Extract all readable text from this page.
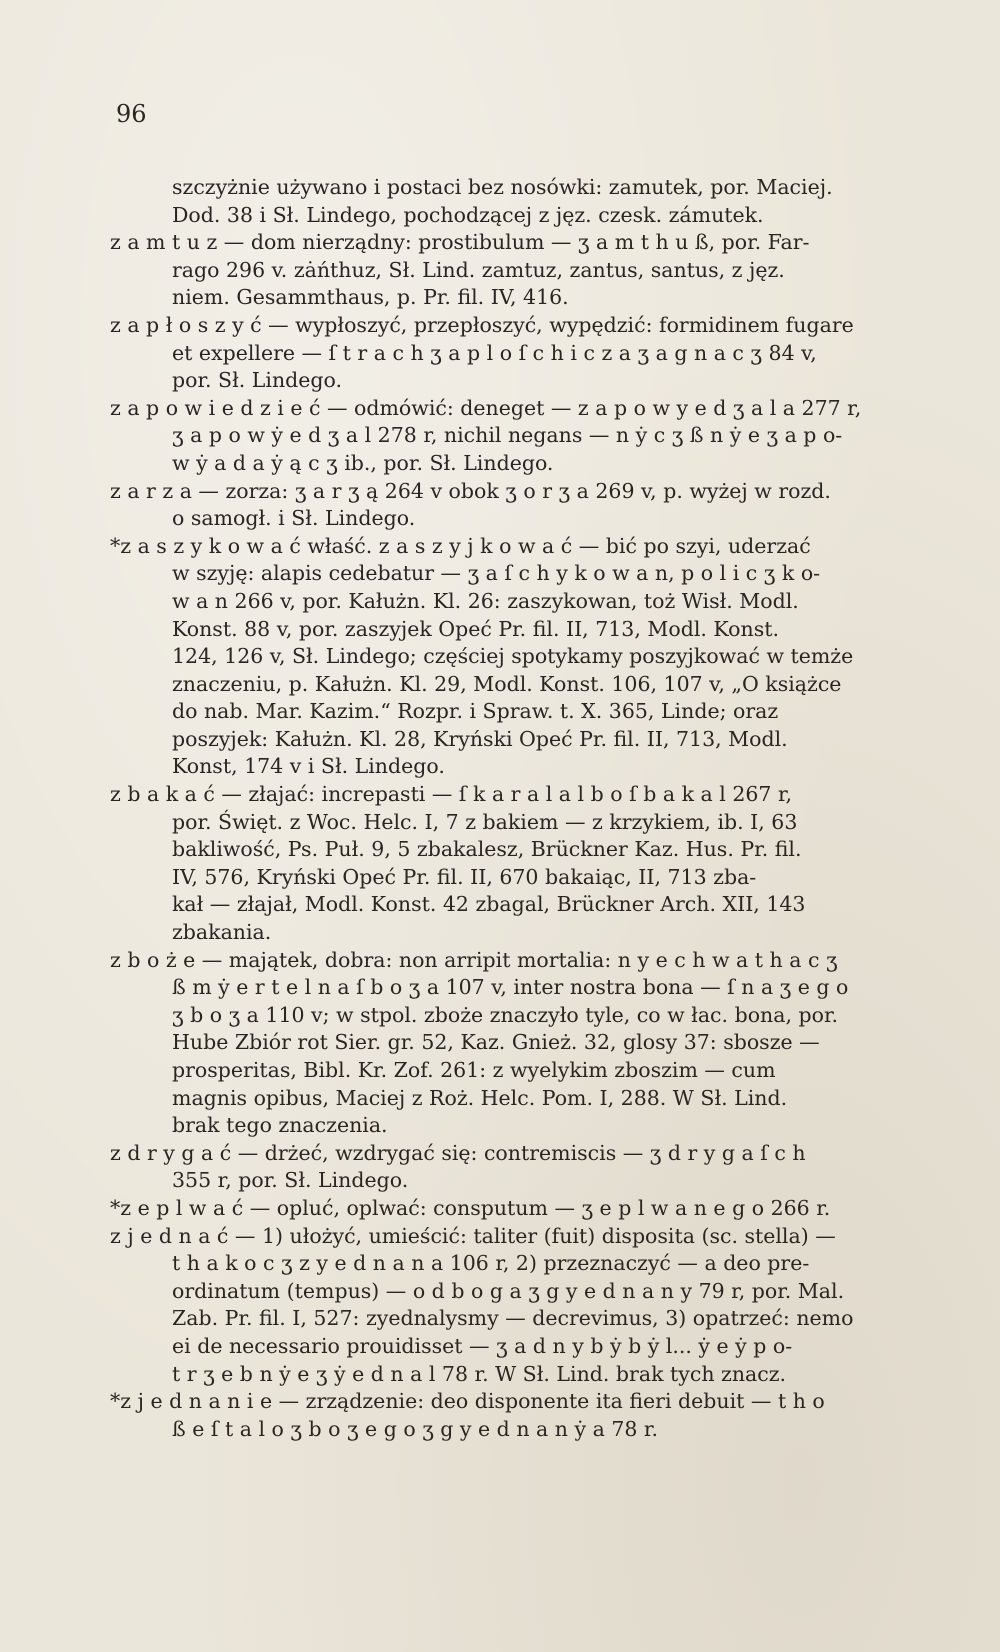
96
szczyżnie używano i postaci bez nosówki: zamutek, por. Maciej.
Dod. 38 i Sł. Lindego, pochodzącej z jęz. czesk. zámutek.
z a m t u z — dom nierządny: prostibulum — ʒ a m t h u ß, por. Far-
rago 296 v. zȧńthuz, Sł. Lind. zamtuz, zantus, santus, z jęz.
niem. Gesammthaus, p. Pr. fil. IV, 416.
z a p ł o s z y ć — wypłoszyć, przepłoszyć, wypędzić: formidinem fugare
et expellere — ſ t r a c h ʒ a p l o ſ c h i c z a ʒ a g n a c ʒ 84 v,
por. Sł. Lindego.
z a p o w i e d z i e ć — odmówić: deneget — z a p o w y e d ʒ a l a 277 r,
ʒ a p o w ẏ e d ʒ a l 278 r, nichil negans — n ẏ c ʒ ß n ẏ e ʒ a p o-
w ẏ a d a ẏ ą c ʒ ib., por. Sł. Lindego.
z a r z a — zorza: ʒ a r ʒ ą 264 v obok ʒ o r ʒ a 269 v, p. wyżej w rozd.
o samogł. i Sł. Lindego.
*z a s z y k o w a ć właść. z a s z y j k o w a ć — bić po szyi, uderzać
w szyję: alapis cedebatur — ʒ a ſ c h y k o w a n, p o l i c ʒ k o-
w a n 266 v, por. Kałużn. Kl. 26: zaszykowan, toż Wisł. Modl.
Konst. 88 v, por. zaszyjek Opeć Pr. fil. II, 713, Modl. Konst.
124, 126 v, Sł. Lindego; częściej spotykamy poszyjkować w temże
znaczeniu, p. Kałużn. Kl. 29, Modl. Konst. 106, 107 v, „O książce
do nab. Mar. Kazim.“ Rozpr. i Spraw. t. X. 365, Linde; oraz
poszyjek: Kałużn. Kl. 28, Kryński Opeć Pr. fil. II, 713, Modl.
Konst, 174 v i Sł. Lindego.
z b a k a ć — złajać: increpasti — ſ k a r a l a l b o ſ b a k a l 267 r,
por. Święt. z Woc. Helc. I, 7 z bakiem — z krzykiem, ib. I, 63
bakliwość, Ps. Puł. 9, 5 zbakalesz, Brückner Kaz. Hus. Pr. fil.
IV, 576, Kryński Opeć Pr. fil. II, 670 bakaiąc, II, 713 zba-
kał — złajał, Modl. Konst. 42 zbagal, Brückner Arch. XII, 143
zbakania.
z b o ż e — majątek, dobra: non arripit mortalia: n y e c h w a t h a c ʒ
ß m ẏ e r t e l n a ſ b o ʒ a 107 v, inter nostra bona — ſ n a ʒ e g o
ʒ b o ʒ a 110 v; w stpol. zboże znaczyło tyle, co w łac. bona, por.
Hube Zbiór rot Sier. gr. 52, Kaz. Gnież. 32, glosy 37: sbosze —
prosperitas, Bibl. Kr. Zof. 261: z wyelykim zboszim — cum
magnis opibus, Maciej z Roż. Helc. Pom. I, 288. W Sł. Lind.
brak tego znaczenia.
z d r y g a ć — drżeć, wzdrygać się: contremiscis — ʒ d r y g a ſ c h
355 r, por. Sł. Lindego.
*z e p l w a ć — opluć, oplwać: consputum — ʒ e p l w a n e g o 266 r.
z j e d n a ć — 1) ułożyć, umieścić: taliter (fuit) disposita (sc. stella) —
t h a k o c ʒ z y e d n a n a 106 r, 2) przeznaczyć — a deo pre-
ordinatum (tempus) — o d b o g a ʒ g y e d n a n y 79 r, por. Mal.
Zab. Pr. fil. I, 527: zyednalysmy — decrevimus, 3) opatrzeć: nemo
ei de necessario prouidisset — ʒ a d n y b ẏ b ẏ l... ẏ e ẏ p o-
t r ʒ e b n ẏ e ʒ ẏ e d n a l 78 r. W Sł. Lind. brak tych znacz.
*z j e d n a n i e — zrządzenie: deo disponente ita fieri debuit — t h o
ß e ſ t a l o ʒ b o ʒ e g o ʒ g y e d n a n ẏ a 78 r.
